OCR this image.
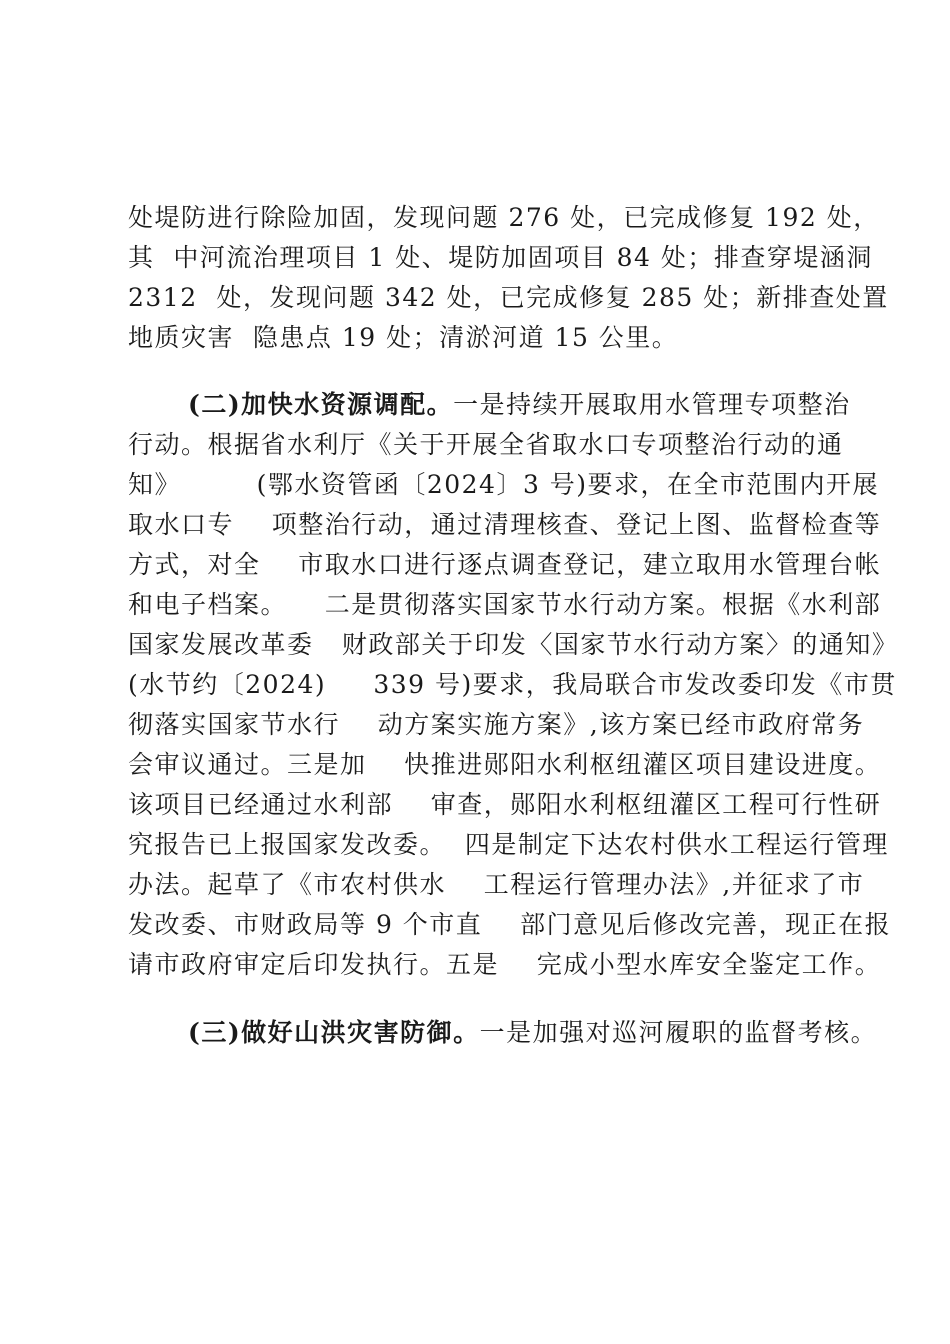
处堤防进行除险加固，发现问题 276 处，已完成修复 192 处，
其  中河流治理项目 1 处、堤防加固项目 84 处；排查穿堤涵洞
2312  处，发现问题 342 处，已完成修复 285 处；新排查处置
地质灾害  隐患点 19 处；清淤河道 15 公里。
(二)加快水资源调配。一是持续开展取用水管理专项整治
行动。根据省水利厅《关于开展全省取水口专项整治行动的通
知》        (鄂水资管函〔2024〕3 号)要求，在全市范围内开展
取水口专    项整治行动，通过清理核查、登记上图、监督检查等
方式，对全    市取水口进行逐点调查登记，建立取用水管理台帐
和电子档案。    二是贯彻落实国家节水行动方案。根据《水利部
国家发展改革委   财政部关于印发〈国家节水行动方案〉的通知》
(水节约〔2024)     339 号)要求，我局联合市发改委印发《市贯
彻落实国家节水行    动方案实施方案》,该方案已经市政府常务
会审议通过。三是加    快推进郧阳水利枢纽灌区项目建设进度。
该项目已经通过水利部    审查，郧阳水利枢纽灌区工程可行性研
究报告已上报国家发改委。  四是制定下达农村供水工程运行管理
办法。起草了《市农村供水    工程运行管理办法》,并征求了市
发改委、市财政局等 9 个市直    部门意见后修改完善，现正在报
请市政府审定后印发执行。五是    完成小型水库安全鉴定工作。
(三)做好山洪灾害防御。一是加强对巡河履职的监督考核。
